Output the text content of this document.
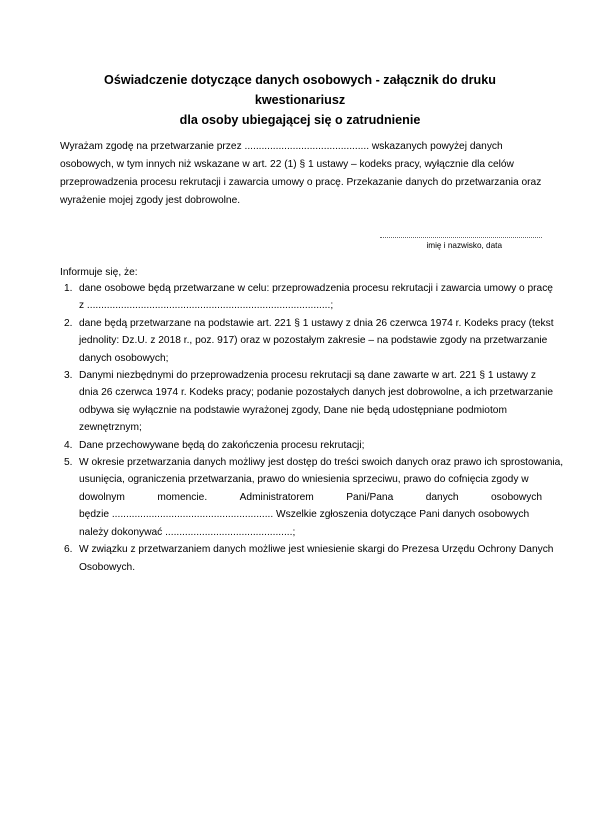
Oświadczenie dotyczące danych osobowych - załącznik do druku kwestionariusz
dla osoby ubiegającej się o zatrudnienie
Wyrażam zgodę na przetwarzanie przez ............................................ wskazanych powyżej danych
osobowych, w tym innych niż wskazane w art. 22 (1) § 1 ustawy – kodeks pracy, wyłącznie dla celów
przeprowadzenia procesu rekrutacji i zawarcia umowy o pracę. Przekazanie danych do przetwarzania oraz
wyrażenie mojej zgody jest dobrowolne.
imię i nazwisko, data
Informuje się, że:
1. dane osobowe będą przetwarzane w celu: przeprowadzenia procesu rekrutacji i zawarcia umowy o pracę
z ......................................................................................;
2. dane będą przetwarzane na podstawie art. 221 § 1 ustawy z dnia 26 czerwca 1974 r. Kodeks pracy (tekst
jednolity: Dz.U. z 2018 r., poz. 917) oraz w pozostałym zakresie – na podstawie zgody na przetwarzanie
danych osobowych;
3. Danymi niezbędnymi do przeprowadzenia procesu rekrutacji są dane zawarte w art. 221 § 1 ustawy z
dnia 26 czerwca 1974 r. Kodeks pracy; podanie pozostałych danych jest dobrowolne, a ich przetwarzanie
odbywa się wyłącznie na podstawie wyrażonej zgody, Dane nie będą udostępniane podmiotom
zewnętrznym;
4. Dane przechowywane będą do zakończenia procesu rekrutacji;
5. W okresie przetwarzania danych możliwy jest dostęp do treści swoich danych oraz prawo ich sprostowania,
usunięcia, ograniczenia przetwarzania, prawo do wniesienia sprzeciwu, prawo do cofnięcia zgody w
dowolnym	momencie.	Administratorem	Pani/Pana	danych	osobowych
będzie ......................................................... Wszelkie zgłoszenia dotyczące Pani danych osobowych
należy dokonywać .............................................;
6. W związku z przetwarzaniem danych możliwe jest wniesienie skargi do Prezesa Urzędu Ochrony Danych
Osobowych.
